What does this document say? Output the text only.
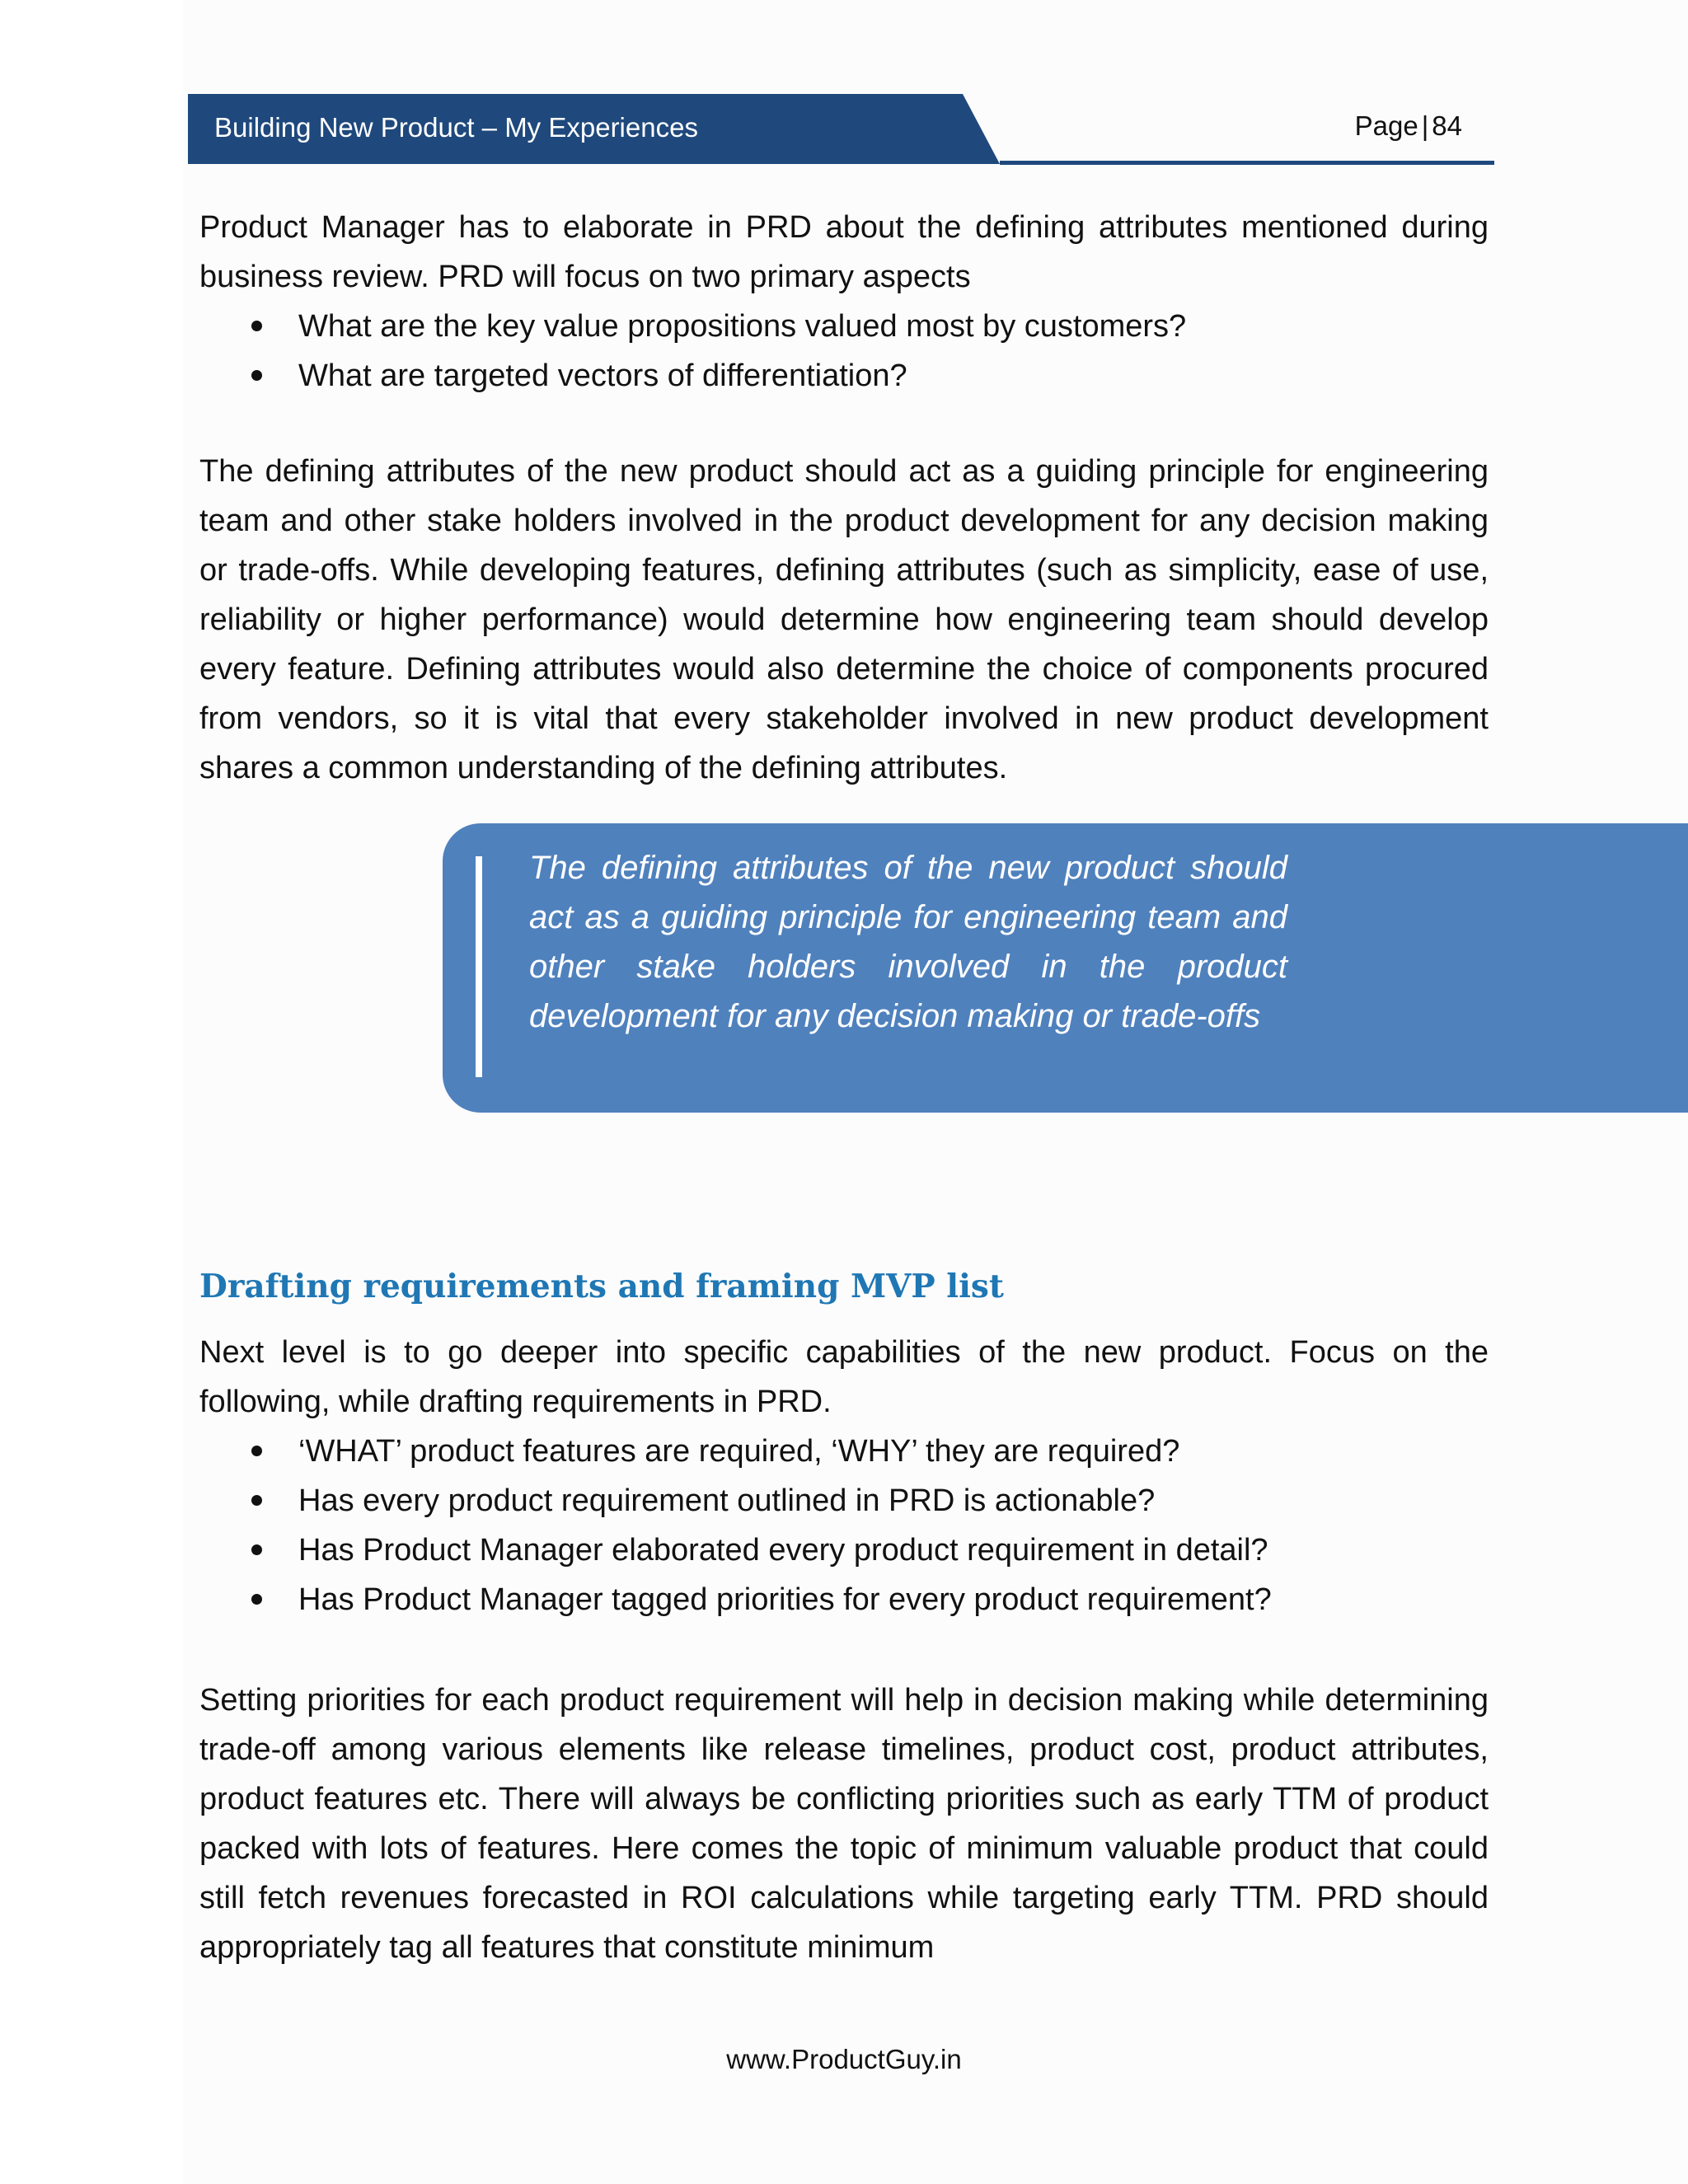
Building New Product – My Experiences	Page | 84

Product Manager has to elaborate in PRD about the defining attributes mentioned during business review. PRD will focus on two primary aspects

What are the key value propositions valued most by customers?
What are targeted vectors of differentiation?

The defining attributes of the new product should act as a guiding principle for engineering team and other stake holders involved in the product development for any decision making or trade-offs. While developing features, defining attributes (such as simplicity, ease of use, reliability or higher performance) would determine how engineering team should develop every feature. Defining attributes would also determine the choice of components procured from vendors, so it is vital that every stakeholder involved in new product development shares a common understanding of the defining attributes.

The defining attributes of the new product should act as a guiding principle for engineering team and other stake holders involved in the product development for any decision making or trade-offs
Drafting requirements and framing MVP list

Next level is to go deeper into specific capabilities of the new product. Focus on the following, while drafting requirements in PRD.

‘WHAT’ product features are required, ‘WHY’ they are required?
Has every product requirement outlined in PRD is actionable?
Has Product Manager elaborated every product requirement in detail?
Has Product Manager tagged priorities for every product requirement?

Setting priorities for each product requirement will help in decision making while determining trade-off among various elements like release timelines, product cost, product attributes, product features etc. There will always be conflicting priorities such as early TTM of product packed with lots of features. Here comes the topic of minimum valuable product that could still fetch revenues forecasted in ROI calculations while targeting early TTM. PRD should appropriately tag all features that constitute minimum

www.ProductGuy.in
